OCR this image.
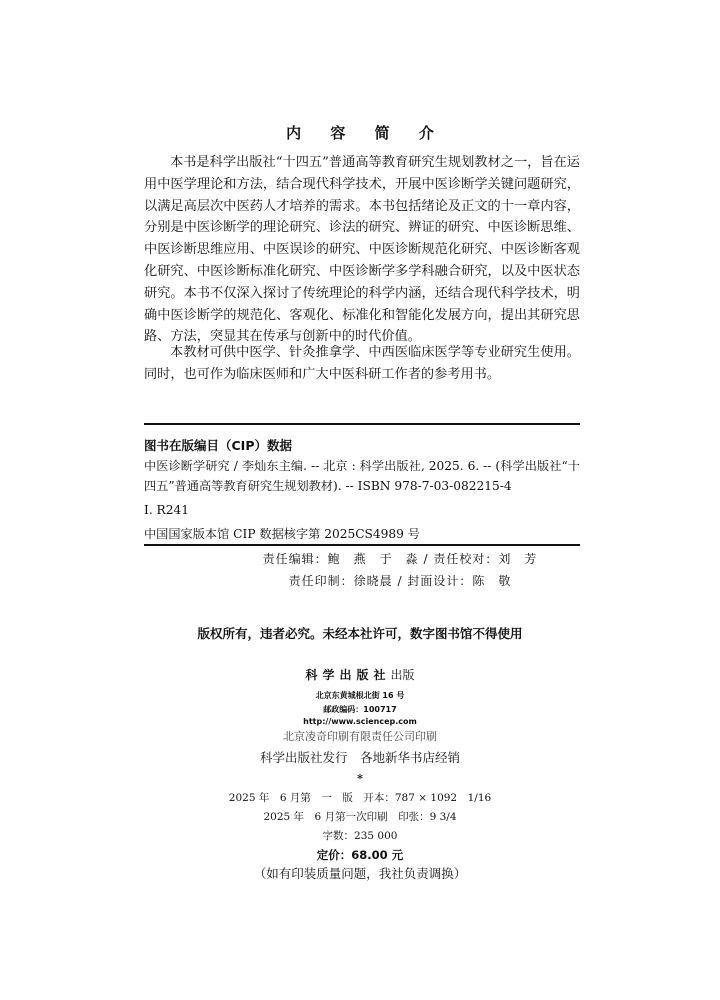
内 容 简 介

本书是科学出版社“十四五”普通高等教育研究生规划教材之一，旨在运用中医学理论和方法，结合现代科学技术，开展中医诊断学关键问题研究，以满足高层次中医药人才培养的需求。本书包括绪论及正文的十一章内容，分别是中医诊断学的理论研究、诊法的研究、辨证的研究、中医诊断思维、中医诊断思维应用、中医误诊的研究、中医诊断规范化研究、中医诊断客观化研究、中医诊断标准化研究、中医诊断学多学科融合研究，以及中医状态研究。本书不仅深入探讨了传统理论的科学内涵，还结合现代科学技术，明确中医诊断学的规范化、客观化、标准化和智能化发展方向，提出其研究思路、方法，突显其在传承与创新中的时代价值。

本教材可供中医学、针灸推拿学、中西医临床医学等专业研究生使用。同时，也可作为临床医师和广大中医科研工作者的参考用书。

图书在版编目（CIP）数据
中医诊断学研究 / 李灿东主编. -- 北京 : 科学出版社, 2025. 6. -- (科学出版社“十四五”普通高等教育研究生规划教材). -- ISBN 978-7-03-082215-4
Ⅰ. R241
中国国家版本馆 CIP 数据核字第 2025CS4989 号
责任编辑：鲍　燕　于　淼 / 责任校对：刘　芳
责任印制：徐晓晨 / 封面设计：陈　敬
版权所有，违者必究。未经本社许可，数字图书馆不得使用
科学出版社出版
北京东黄城根北街 16 号
邮政编码：100717
http://www.sciencep.com
北京凌奇印刷有限责任公司印刷
科学出版社发行　各地新华书店经销
*
2025 年　6 月第　一　版　开本：787 × 1092　1/16
2025 年　6 月第一次印刷　印张：9 3/4
字数：235 000
定价：68.00 元
（如有印装质量问题，我社负责调换）
